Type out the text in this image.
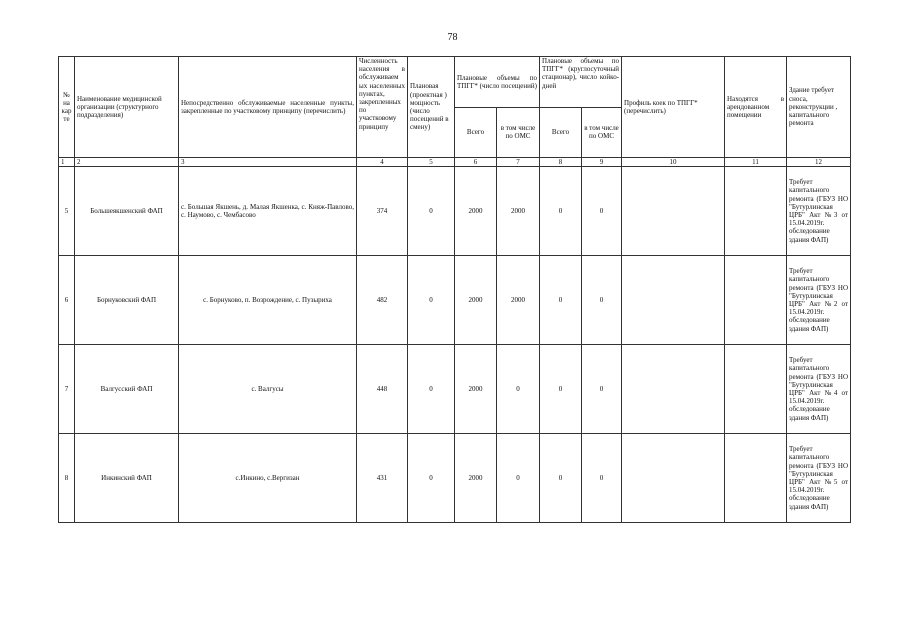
78
№ на кар те	Наименование медицинской организации (структурного подразделения)	Непосредственно обслуживаемые населенные пункты, закрепленные по участковому принципу (перечислить)	Численность населения в обслуживаем ых населенных пунктах, закрепленных по участковому принципу	Плановая (проектная ) мощность (число посещений в смену)	Плановые объемы по ТПГГ* (число посещений)		Плановые объемы по ТПГГ* (круглосуточный стационар), число койко-дней		Профиль коек по ТПГГ* (перечислить)	Находятся в арендованном помещении	Здание требует сноса, реконструкции , капитального ремонта
					Всего	в том числе по ОМС	Всего	в том числе по ОМС			
1	2	3	4	5	6	7	8	9	10	11	12
5	Большеякшенский ФАП	с. Большая Якшень, д. Малая Якшенка, с. Княж-Павлово, с. Наумово, с. Чембасово	374	0	2000	2000	0	0			Требует капитального ремонта (ГБУЗ НО "Бутурлинская ЦРБ" Акт №3 от 15.04.2019г. обследование здания ФАП)
6	Борнуковский ФАП	с. Борнуково, п. Возрождение, с. Пузыриха	482	0	2000	2000	0	0			Требует капитального ремонта (ГБУЗ НО "Бутурлинская ЦРБ" Акт №2 от 15.04.2019г. обследование здания ФАП)
7	Валгусский ФАП	с. Валгусы	448	0	2000	0	0	0			Требует капитального ремонта (ГБУЗ НО "Бутурлинская ЦРБ" Акт №4 от 15.04.2019г. обследование здания ФАП)
8	Инкинский ФАП	с.Инкино, с.Вергизан	431	0	2000	0	0	0			Требует капитального ремонта (ГБУЗ НО "Бутурлинская ЦРБ" Акт №5 от 15.04.2019г. обследование здания ФАП)
